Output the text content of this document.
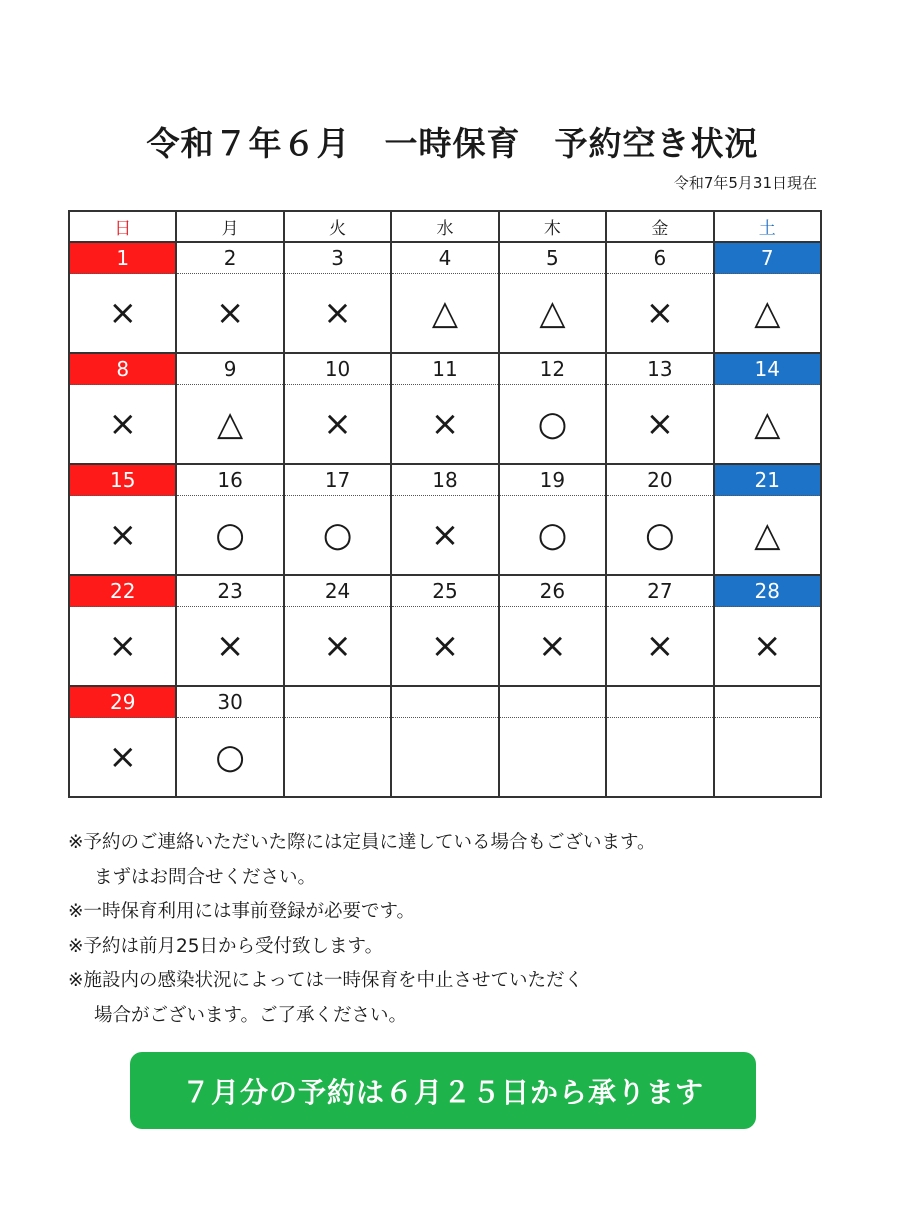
令和７年６月　一時保育　予約空き状況
令和7年5月31日現在
日	月	火	水	木	金	土
1	2	3	4	5	6	7
×	×	×	△	△	×	△
8	9	10	11	12	13	14
×	△	×	×	○	×	△
15	16	17	18	19	20	21
×	○	○	×	○	○	△
22	23	24	25	26	27	28
×	×	×	×	×	×	×
29	30					
×	○					
※予約のご連絡いただいた際には定員に達している場合もございます。
まずはお問合せください。
※一時保育利用には事前登録が必要です。
※予約は前月25日から受付致します。
※施設内の感染状況によっては一時保育を中止させていただく
場合がございます。ご了承ください。
７月分の予約は６月２５日から承ります
